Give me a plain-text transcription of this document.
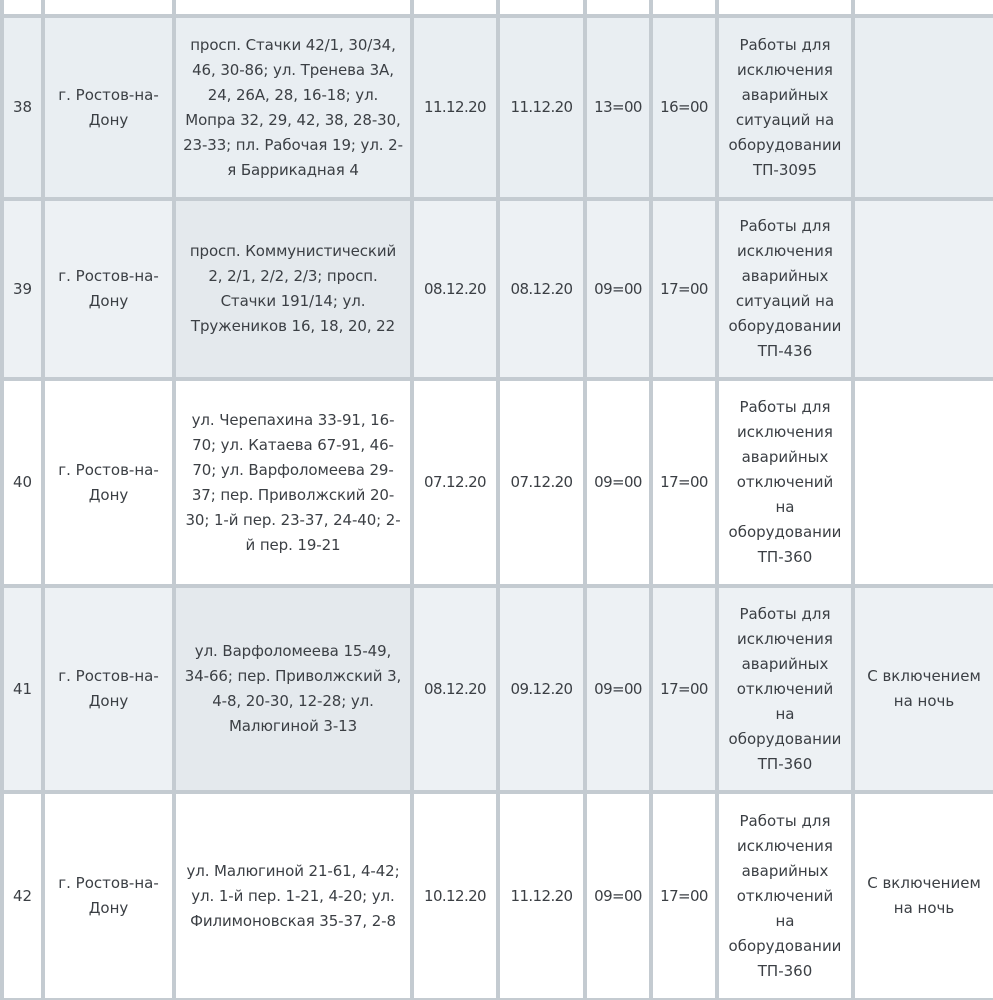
38	г. Ростов-на-Дону	просп. Стачки 42/1, 30/34, 46, 30-86; ул. Тренева 3А, 24, 26А, 28, 16-18; ул. Мопра 32, 29, 42, 38, 28-30, 23-33; пл. Рабочая 19; ул. 2-я Баррикадная 4	11.12.20	11.12.20	13=00	16=00	Работы для исключения аварийных ситуаций на оборудовании ТП-3095	
39	г. Ростов-на-Дону	просп. Коммунистический 2, 2/1, 2/2, 2/3; просп. Стачки 191/14; ул. Тружеников 16, 18, 20, 22	08.12.20	08.12.20	09=00	17=00	Работы для исключения аварийных ситуаций на оборудовании ТП-436	
40	г. Ростов-на-Дону	ул. Черепахина 33-91, 16-70; ул. Катаева 67-91, 46-70; ул. Варфоломеева 29-37; пер. Приволжский 20-30; 1-й пер. 23-37, 24-40; 2-й пер. 19-21	07.12.20	07.12.20	09=00	17=00	Работы для исключения аварийных отключений на оборудовании ТП-360	
41	г. Ростов-на-Дону	ул. Варфоломеева 15-49, 34-66; пер. Приволжский 3, 4-8, 20-30, 12-28; ул. Малюгиной 3-13	08.12.20	09.12.20	09=00	17=00	Работы для исключения аварийных отключений на оборудовании ТП-360	С включением на ночь
42	г. Ростов-на-Дону	ул. Малюгиной 21-61, 4-42; ул. 1-й пер. 1-21, 4-20; ул. Филимоновская 35-37, 2-8	10.12.20	11.12.20	09=00	17=00	Работы для исключения аварийных отключений на оборудовании ТП-360	С включением на ночь
